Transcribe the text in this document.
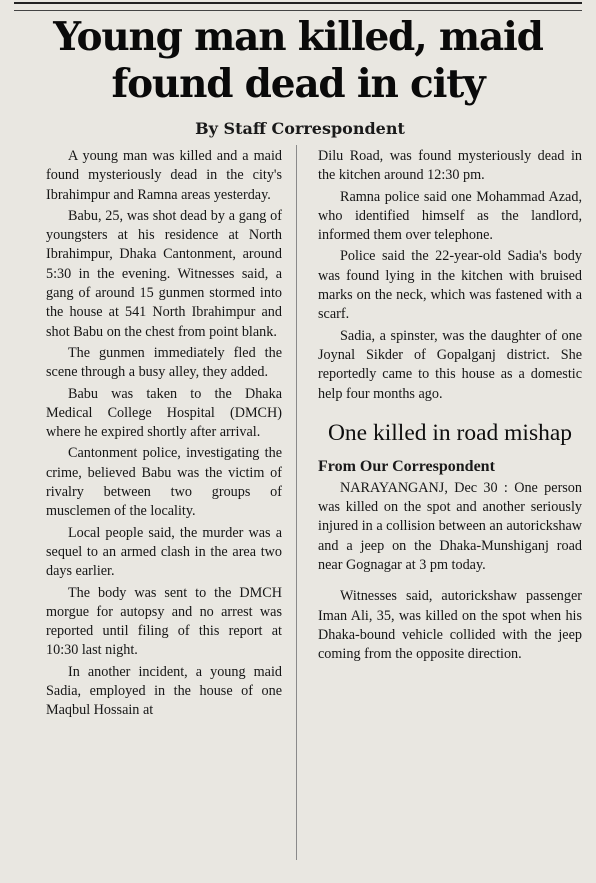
Young man killed, maid found dead in city
By Staff Correspondent

A young man was killed and a maid found mysteriously dead in the city's Ibrahimpur and Ramna areas yesterday.

Babu, 25, was shot dead by a gang of youngsters at his residence at North Ibrahimpur, Dhaka Cantonment, around 5:30 in the evening. Witnesses said, a gang of around 15 gunmen stormed into the house at 541 North Ibrahimpur and shot Babu on the chest from point blank.

The gunmen immediately fled the scene through a busy alley, they added.

Babu was taken to the Dhaka Medical College Hospital (DMCH) where he expired shortly after arrival.

Cantonment police, investigating the crime, believed Babu was the victim of rivalry between two groups of musclemen of the locality.

Local people said, the murder was a sequel to an armed clash in the area two days earlier.

The body was sent to the DMCH morgue for autopsy and no arrest was reported until filing of this report at 10:30 last night.

In another incident, a young maid Sadia, employed in the house of one Maqbul Hossain at

Dilu Road, was found mysteriously dead in the kitchen around 12:30 pm.

Ramna police said one Mohammad Azad, who identified himself as the landlord, informed them over telephone.

Police said the 22-year-old Sadia's body was found lying in the kitchen with bruised marks on the neck, which was fastened with a scarf.

Sadia, a spinster, was the daughter of one Joynal Sikder of Gopalganj district. She reportedly came to this house as a domestic help four months ago.

One killed in road mishap
From Our Correspondent

NARAYANGANJ, Dec 30 : One person was killed on the spot and another seriously injured in a collision between an autorickshaw and a jeep on the Dhaka-Munshiganj road near Gognagar at 3 pm today.

Witnesses said, autorickshaw passenger Iman Ali, 35, was killed on the spot when his Dhaka-bound vehicle collided with the jeep coming from the opposite direction.
